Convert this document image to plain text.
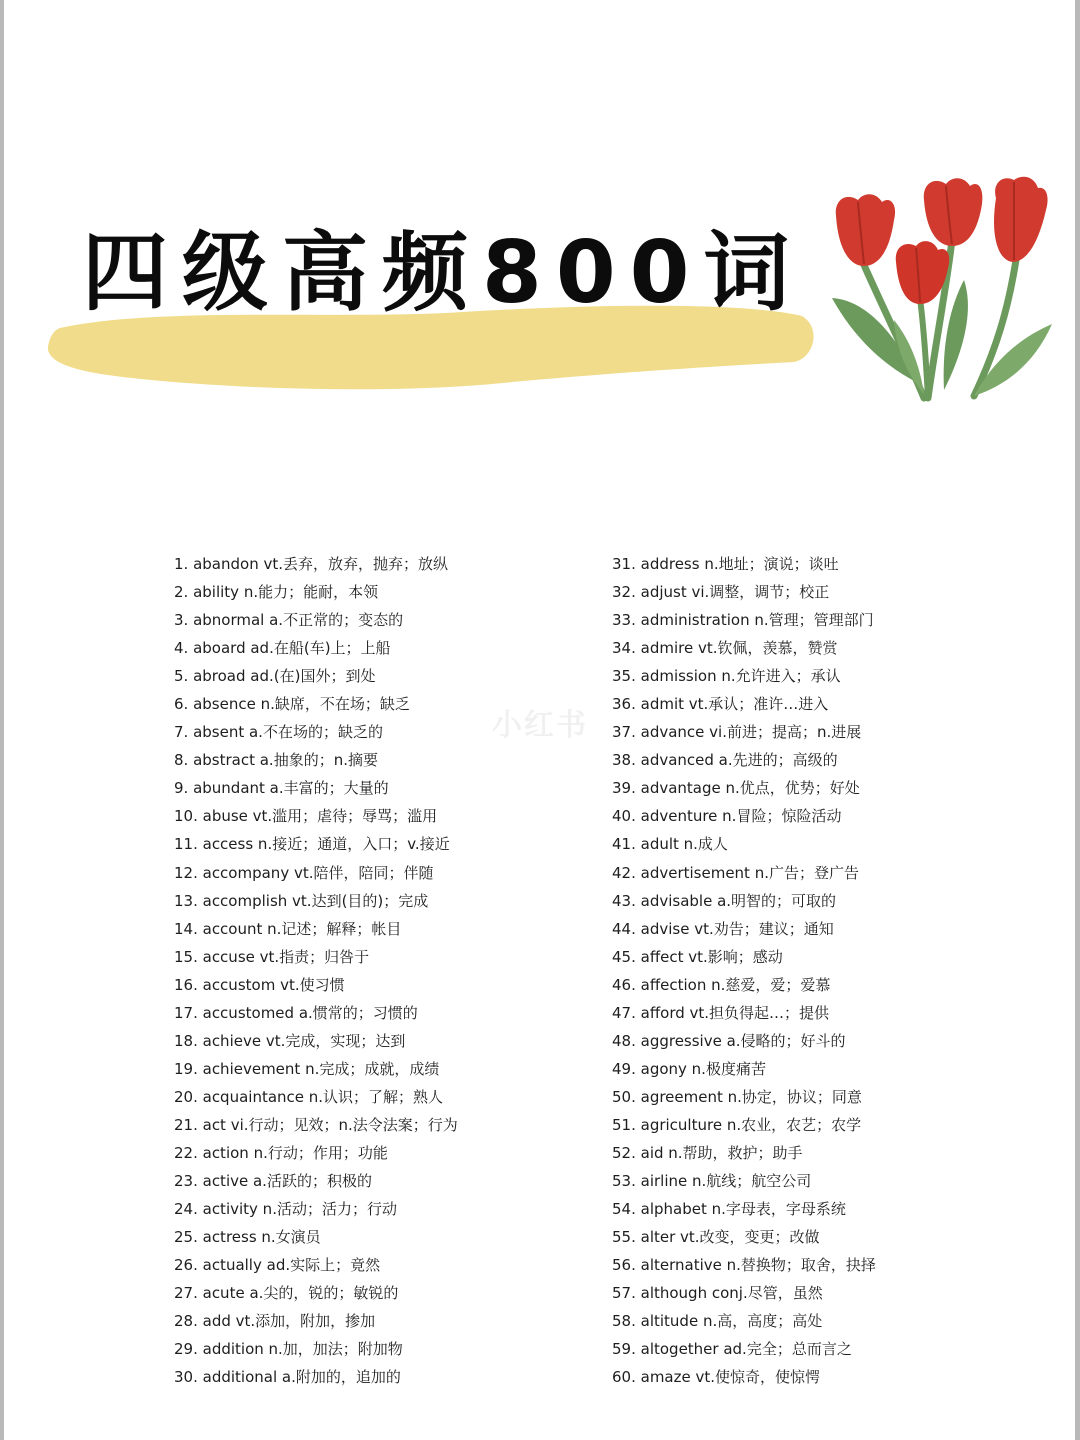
四级高频800词
小红书
1. abandon vt.丢弃，放弃，抛弃；放纵
2. ability n.能力；能耐，本领
3. abnormal a.不正常的；变态的
4. aboard ad.在船(车)上；上船
5. abroad ad.(在)国外；到处
6. absence n.缺席，不在场；缺乏
7. absent a.不在场的；缺乏的
8. abstract a.抽象的；n.摘要
9. abundant a.丰富的；大量的
10. abuse vt.滥用；虐待；辱骂；滥用
11. access n.接近；通道，入口；v.接近
12. accompany vt.陪伴，陪同；伴随
13. accomplish vt.达到(目的)；完成
14. account n.记述；解释；帐目
15. accuse vt.指责；归咎于
16. accustom vt.使习惯
17. accustomed a.惯常的；习惯的
18. achieve vt.完成，实现；达到
19. achievement n.完成；成就，成绩
20. acquaintance n.认识；了解；熟人
21. act vi.行动；见效；n.法令法案；行为
22. action n.行动；作用；功能
23. active a.活跃的；积极的
24. activity n.活动；活力；行动
25. actress n.女演员
26. actually ad.实际上；竟然
27. acute a.尖的，锐的；敏锐的
28. add vt.添加，附加，掺加
29. addition n.加，加法；附加物
30. additional a.附加的，追加的
31. address n.地址；演说；谈吐
32. adjust vi.调整，调节；校正
33. administration n.管理；管理部门
34. admire vt.钦佩，羡慕，赞赏
35. admission n.允许进入；承认
36. admit vt.承认；准许…进入
37. advance vi.前进；提高；n.进展
38. advanced a.先进的；高级的
39. advantage n.优点，优势；好处
40. adventure n.冒险；惊险活动
41. adult n.成人
42. advertisement n.广告；登广告
43. advisable a.明智的；可取的
44. advise vt.劝告；建议；通知
45. affect vt.影响；感动
46. affection n.慈爱，爱；爱慕
47. afford vt.担负得起…；提供
48. aggressive a.侵略的；好斗的
49. agony n.极度痛苦
50. agreement n.协定，协议；同意
51. agriculture n.农业，农艺；农学
52. aid n.帮助，救护；助手
53. airline n.航线；航空公司
54. alphabet n.字母表，字母系统
55. alter vt.改变，变更；改做
56. alternative n.替换物；取舍，抉择
57. although conj.尽管，虽然
58. altitude n.高，高度；高处
59. altogether ad.完全；总而言之
60. amaze vt.使惊奇，使惊愕
